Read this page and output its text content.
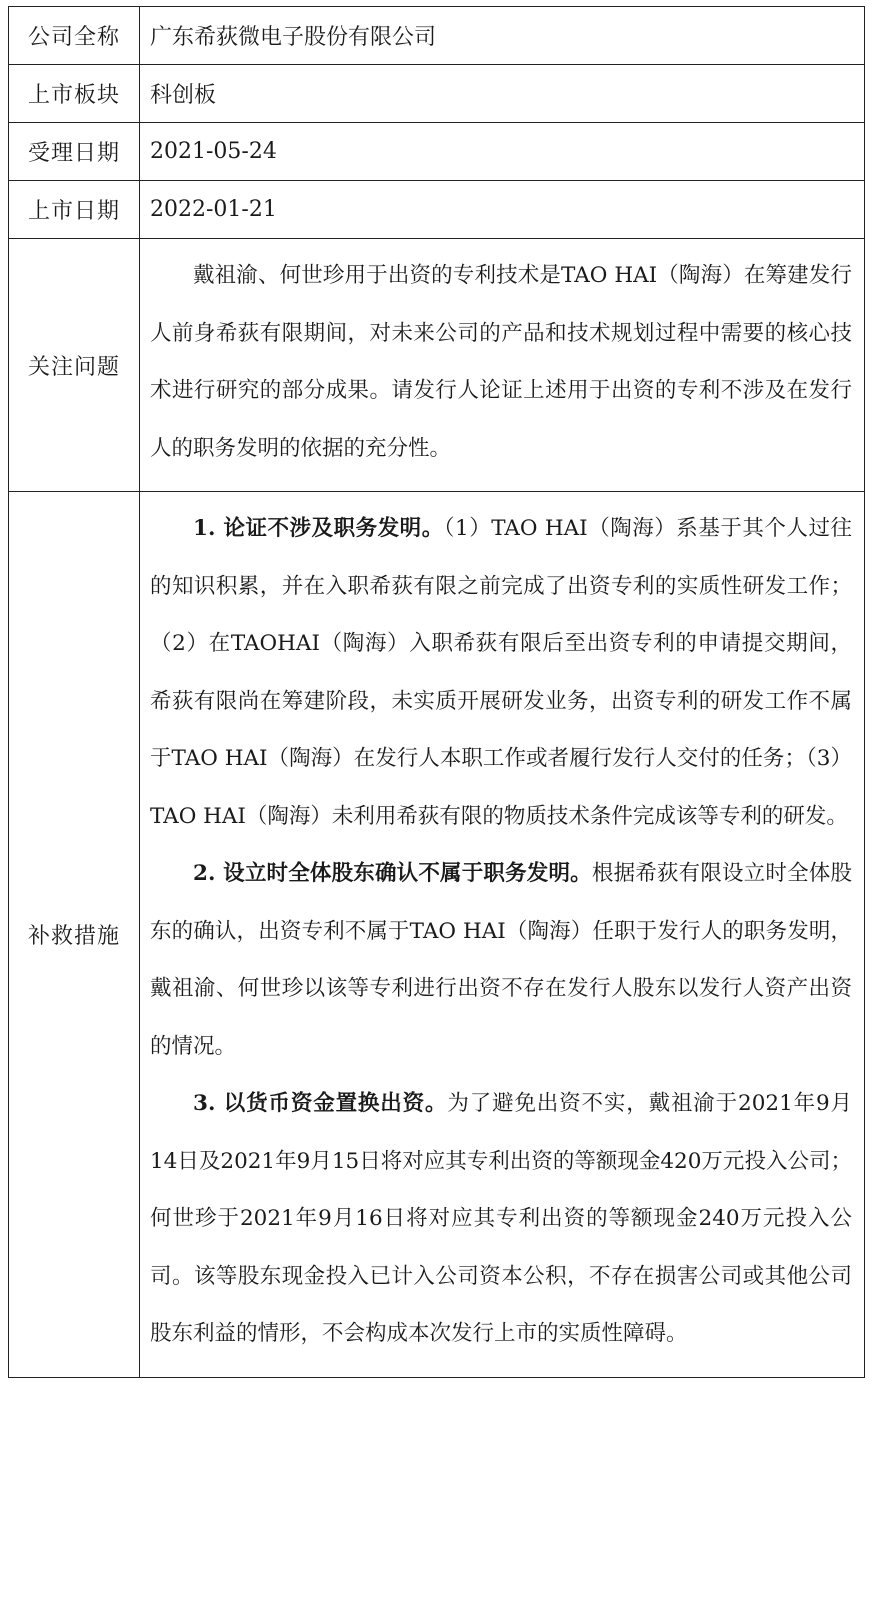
公司全称	广东希荻微电子股份有限公司
上市板块	科创板
受理日期	2021-05-24
上市日期	2022-01-21
关注问题	戴祖渝、何世珍用于出资的专利技术是TAO HAI（陶海）在筹建发行人前身希荻有限期间，对未来公司的产品和技术规划过程中需要的核心技术进行研究的部分成果。请发行人论证上述用于出资的专利不涉及在发行人的职务发明的依据的充分性。

补救措施	1. 论证不涉及职务发明。（1）TAO HAI（陶海）系基于其个人过往的知识积累，并在入职希荻有限之前完成了出资专利的实质性研发工作；（2）在TAOHAI（陶海）入职希荻有限后至出资专利的申请提交期间，希荻有限尚在筹建阶段，未实质开展研发业务，出资专利的研发工作不属于TAO HAI（陶海）在发行人本职工作或者履行发行人交付的任务；（3）TAO HAI（陶海）未利用希荻有限的物质技术条件完成该等专利的研发。

2. 设立时全体股东确认不属于职务发明。根据希荻有限设立时全体股东的确认，出资专利不属于TAO HAI（陶海）任职于发行人的职务发明，戴祖渝、何世珍以该等专利进行出资不存在发行人股东以发行人资产出资的情况。

3. 以货币资金置换出资。为了避免出资不实，戴祖渝于2021年9月14日及2021年9月15日将对应其专利出资的等额现金420万元投入公司；何世珍于2021年9月16日将对应其专利出资的等额现金240万元投入公司。该等股东现金投入已计入公司资本公积，不存在损害公司或其他公司股东利益的情形，不会构成本次发行上市的实质性障碍。
